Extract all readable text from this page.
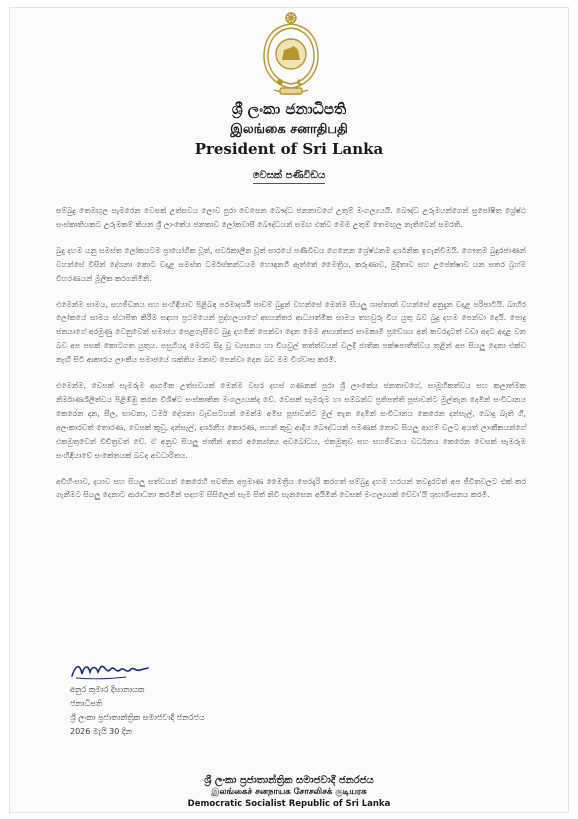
ශ්‍රී ලංකා ජනාධිපති
இலங்கை சனாதிபதி
President of Sri Lanka
වෙසක් පණිවිඩය

සම්බුදු තෙමඟුල සැමරෙන වෙසක් උත්සවය ලොව පුරා වෙසෙන බෞද්ධ ජනතාවගේ උතුම් මංගල්‍යයයි. බෞද්ධ උරුමයන්ගෙන් සුපෝෂිත ශ්‍රේෂ්ඨ සංස්කෘතියකට උරුමකම් කියන ශ්‍රී ලාංකේය ජනතාව ලෝකවාසී බෞද්ධයන් සමඟ එක්ව මෙම උතුම් තෙමඟුල නැතිවෙන් සමරති.

බුදු දහම යනු සමස්ත ලෝකයටම ප්‍රායෝගික වූත්, සර්වකාලීන වූත් සාරයේ පණිවිඩය ගෙනෙන ශ්‍රේෂ්ඨතම දාර්ශනික ඉගැන්වීමයි. ගෞතම බුදුරජාණන් වහන්සේ විසින් දේශනා කොට වදාළ සමස්ත ධර්මස්කන්ධයම හොඳනගී ඇත්තේ මෛත්‍රිය, කරුණාව, මුදිතාව සහ උපේක්ෂාව යන සතර බ්‍රහ්ම විහරණයන් මූලික කරගනිමිනි.

එමෙන්ම සාමය, සහජීවනය සහ සංහිඳියාව පිළිබඳ පරමාදර්ශී පාඩම් බුදුන් වහන්සේ මෙන්ම සියලු ශාස්තෘන් වහන්සේ අනුදැන වදාළ පරිපාටියි. බාහිර ලෝකයේ සාමය ස්ථාපිත කිරීම සඳහා ප්‍රථමයෙන් පුද්ගලයාගේ අභ්‍යන්තර ආධ්‍යාත්මික සාමය තහවුරු විය යුතු බව බුදු දහම පෙන්වා දෙයි. පොදු ජනයාගේ අරමුණු වෙනුවෙන් සමාජය පෙළගැසීමට බුදු දහමින් පෙන්වා දෙන මෙම අභ්‍යන්තර සාමකාමී ප්‍රවේශය අන් කවරදාටත් වඩා අදට අදාළ වන බව අප පසක් කොටගත යුතුය. පසුගියදා මෙරට සිදු වූ ව්‍යසනය හා වියවුල් තත්ත්වයන් වලදී ජාතික පක්ෂපාතීත්වය තුළින් අප සියලු දෙනා එක්ව නැඟී සිටි ආකාරය ලාංකීය සමාජයේ ශක්තිය මනාව පෙන්වා දෙන බව මම විශ්වාස කරමි.

එමෙන්ම, වෙසක් සැමරුම ආගමික උත්සවයක් මෙන්ම වසර දහස් ගණනක් පුරා ශ්‍රී ලාංකේය ජනතාවගේ, සාමූහිකත්වය සහ කලාත්මක නිර්මාණශීලීත්වය පිළිඹිඹු කරන විශිෂ්ට සංස්කෘතික මංගල්‍යයක්ද වේ. වෙසක් සැමරුම හා සම්බන්ධ ප්‍රතිපත්ති පූජාවන්ට මුල්තැන දෙමින් සංවිධානය කෙරෙන දාන, සීල, භාවනා, ධර්ම දේශනා වැඩසටහන් මෙන්ම අමිස පූජාවන්ට මුල් තැන දෙමින් සංවිධානය කෙරෙන දන්සැල්, බොදු බැති ගී, අලංකාරවත් තොරණ, වෙසක් කූඩු, දන්සැල්, දර්ශනීය කොරණ, පහන් කූඩු ආදිය බෞද්ධයන් පමණක් නොව සියලු ආගම් වලට අයත් ලාංකීකයන්ගේ එකමුතුවෙන් විචිත්‍රවත් වේ. ඒ අනුව සියලු ජාතීන් අතර අන්‍යෝන්‍ය අවබෝධය, එකමුතුව සහ සහජීවනය වර්ධනය කෙරෙන වෙසක් සැමරුම සංහිඳියාවේ සංකේතයක් බවද අවධාරිතය.

අවිහිංසාව, දයාව සහ සියලු සත්වයන් කෙරෙහි පවතින අප්‍රමාණ මෛත්‍රිය පෙරදැරි කරගත් සම්බුදු දහම හරයන් තවදුරටත් අප ජීවිතවලට එක් කර ගැනීමට සියලු දෙනාට ආරාධනා කරමින් සදහම් සිසිලෙන් සැම සිත් නිවී සැනසෙන අයිමින් වෙසක් මංගල්‍යයක් වේවා'යි ශුභාශිංසනය කරමි.

අනුර කුමාර දිසානායක
ජනාධිපති
ශ්‍රී ලංකා ප්‍රජාතාන්ත්‍රික සමාජවාදී ජනරජය
2026 මැයි 30 දින
ශ්‍රී ලංකා ප්‍රජාතාන්ත්‍රික සමාජවාදී ජනරජය
இலங்கைச் சனநாயக சோசலிசக் குடியரசு
Democratic Socialist Republic of Sri Lanka
